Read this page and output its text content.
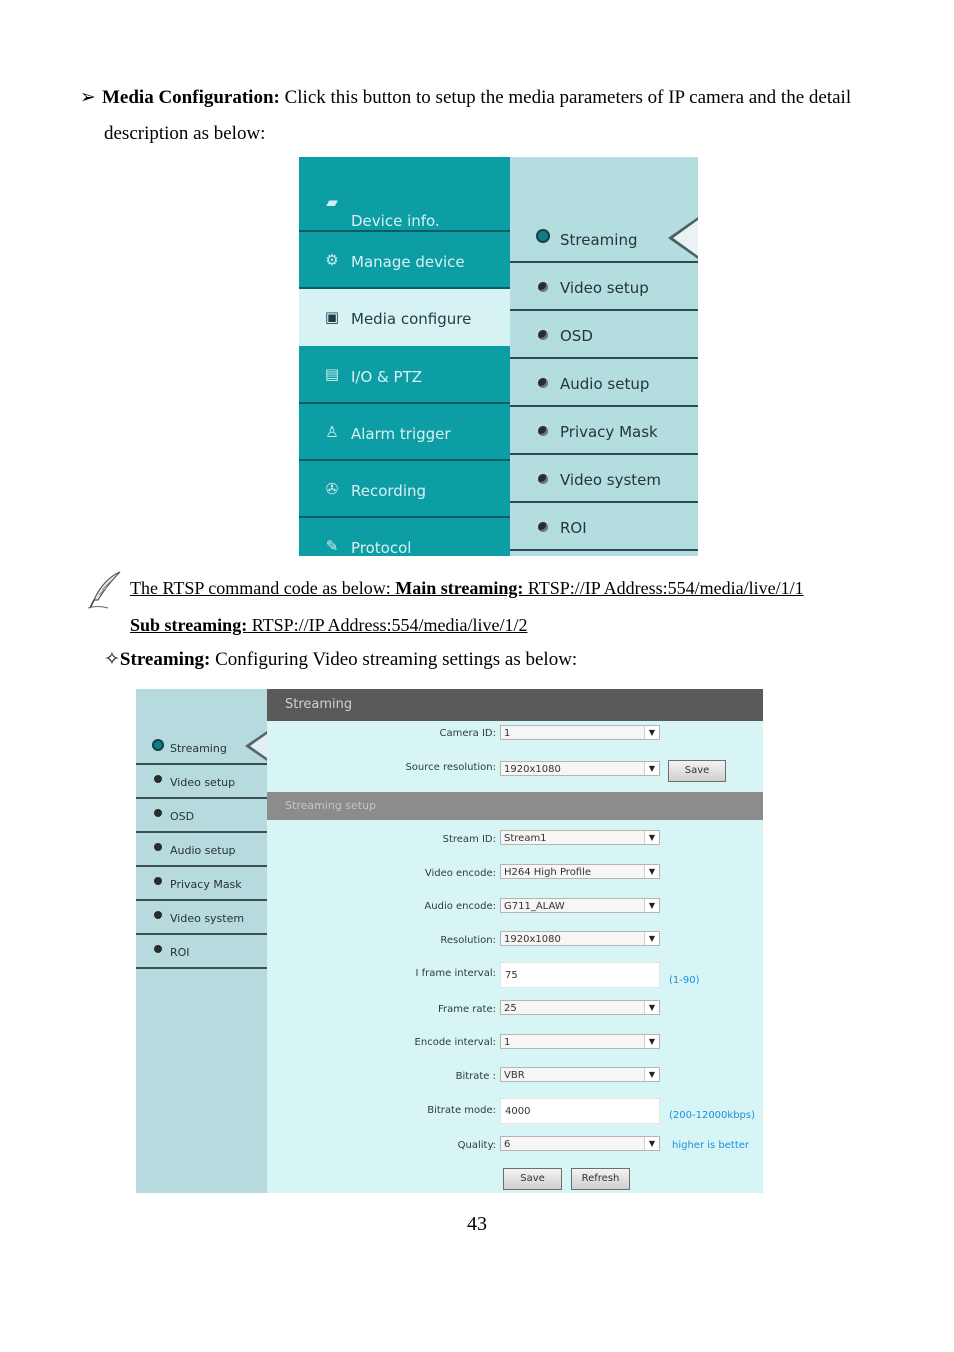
➢ Media Configuration: Click this button to setup the media parameters of IP camera and the detail
description as below:
▰
Device info.
⚙ Manage device
▣ Media configure
▤ I/O & PTZ
♙ Alarm trigger
✇ Recording
✎ Protocol
Streaming
Video setup
OSD
Audio setup
Privacy Mask
Video system
ROI
The RTSP command code as below: Main streaming: RTSP://IP Address:554/media/live/1/1
Sub streaming: RTSP://IP Address:554/media/live/1/2
✧Streaming: Configuring Video streaming settings as below:
Streaming
Video setup
OSD
Audio setup
Privacy Mask
Video system
ROI
Streaming
Camera ID: 1	▼
Source resolution: 1920x1080	▼	Save
Streaming setup
Stream ID: Stream1	▼
Video encode: H264 High Profile	▼
Audio encode: G711_ALAW	▼
Resolution: 1920x1080	▼
I frame interval: 75	(1-90)
Frame rate: 25	▼
Encode interval: 1	▼
Bitrate : VBR	▼
Bitrate mode: 4000	(200-12000kbps)
Quality: 6	▼	higher is better
Save	Refresh
43
